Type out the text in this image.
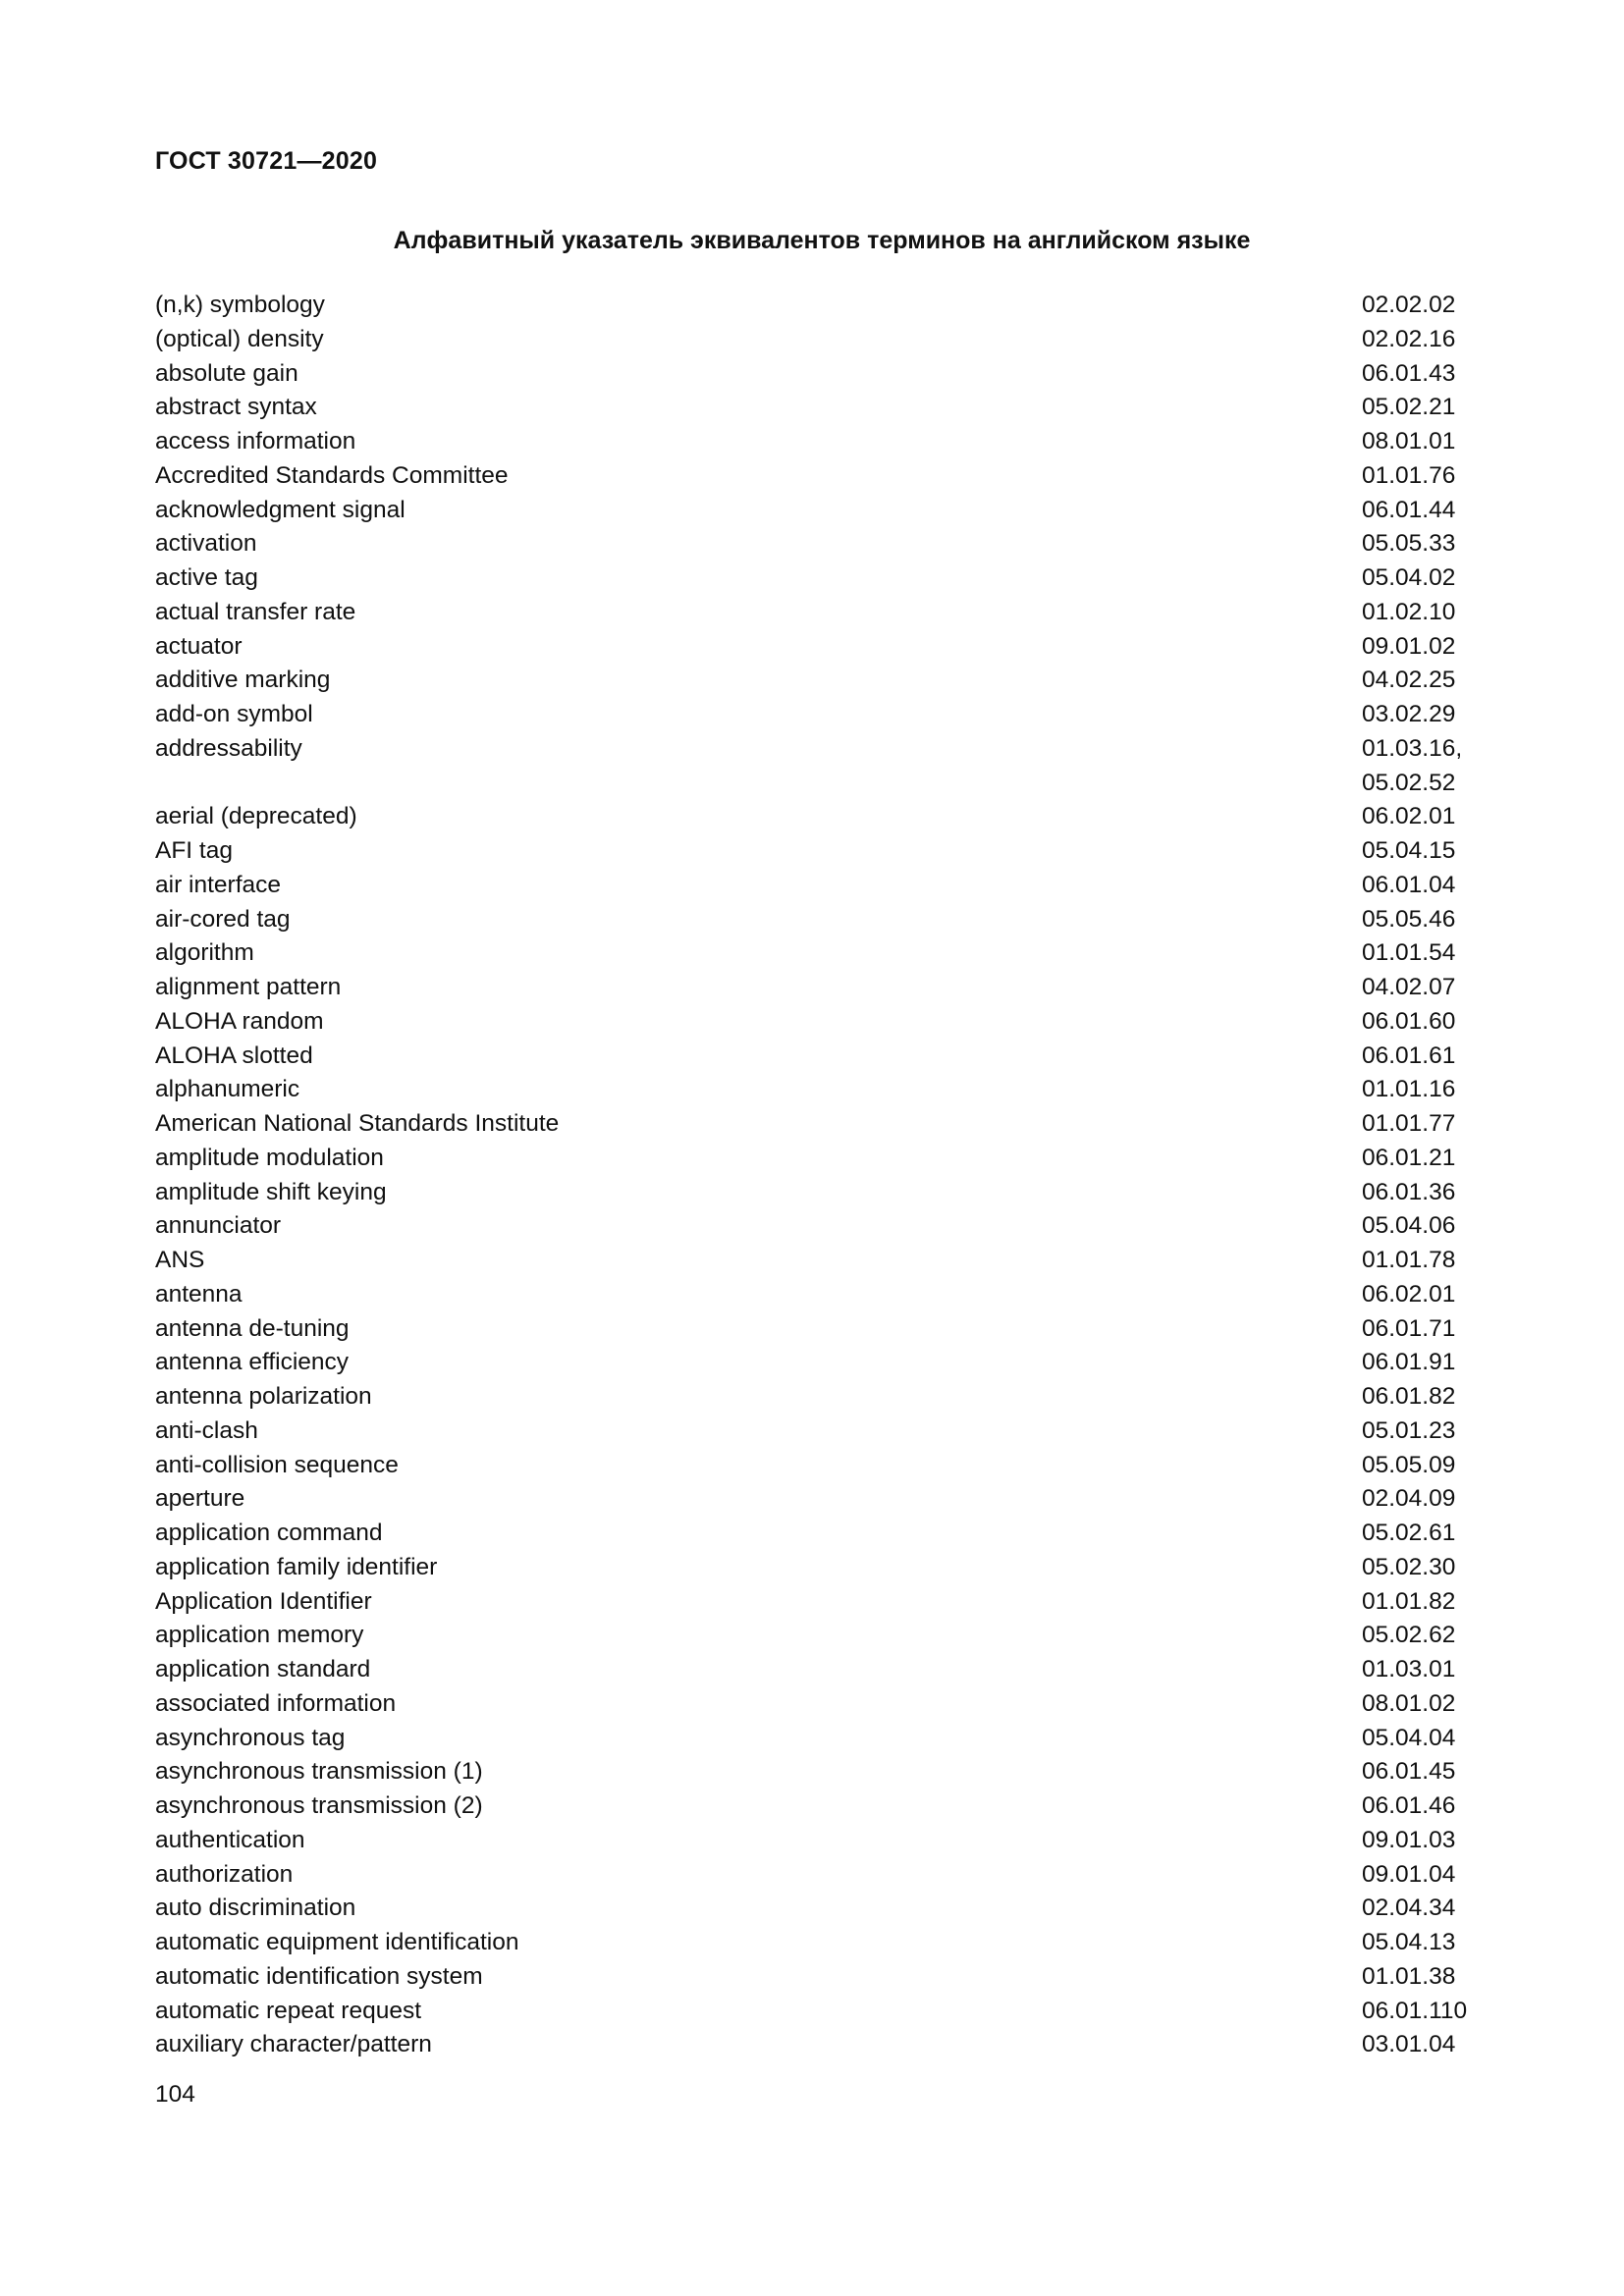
ГОСТ 30721—2020
Алфавитный указатель эквивалентов терминов на английском языке
(n,k) symbology	02.02.02
(optical) density	02.02.16
absolute gain	06.01.43
abstract syntax	05.02.21
access information	08.01.01
Accredited Standards Committee	01.01.76
acknowledgment signal	06.01.44
activation	05.05.33
active tag	05.04.02
actual transfer rate	01.02.10
actuator	09.01.02
additive marking	04.02.25
add-on symbol	03.02.29
addressability	01.03.16,
05.02.52
aerial (deprecated)	06.02.01
AFI tag	05.04.15
air interface	06.01.04
air-cored tag	05.05.46
algorithm	01.01.54
alignment pattern	04.02.07
ALOHA random	06.01.60
ALOHA slotted	06.01.61
alphanumeric	01.01.16
American National Standards Institute	01.01.77
amplitude modulation	06.01.21
amplitude shift keying	06.01.36
annunciator	05.04.06
ANS	01.01.78
antenna	06.02.01
antenna de-tuning	06.01.71
antenna efficiency	06.01.91
antenna polarization	06.01.82
anti-clash	05.01.23
anti-collision sequence	05.05.09
aperture	02.04.09
application command	05.02.61
application family identifier	05.02.30
Application Identifier	01.01.82
application memory	05.02.62
application standard	01.03.01
associated information	08.01.02
asynchronous tag	05.04.04
asynchronous transmission (1)	06.01.45
asynchronous transmission (2)	06.01.46
authentication	09.01.03
authorization	09.01.04
auto discrimination	02.04.34
automatic equipment identification	05.04.13
automatic identification system	01.01.38
automatic repeat request	06.01.110
auxiliary character/pattern	03.01.04
104
